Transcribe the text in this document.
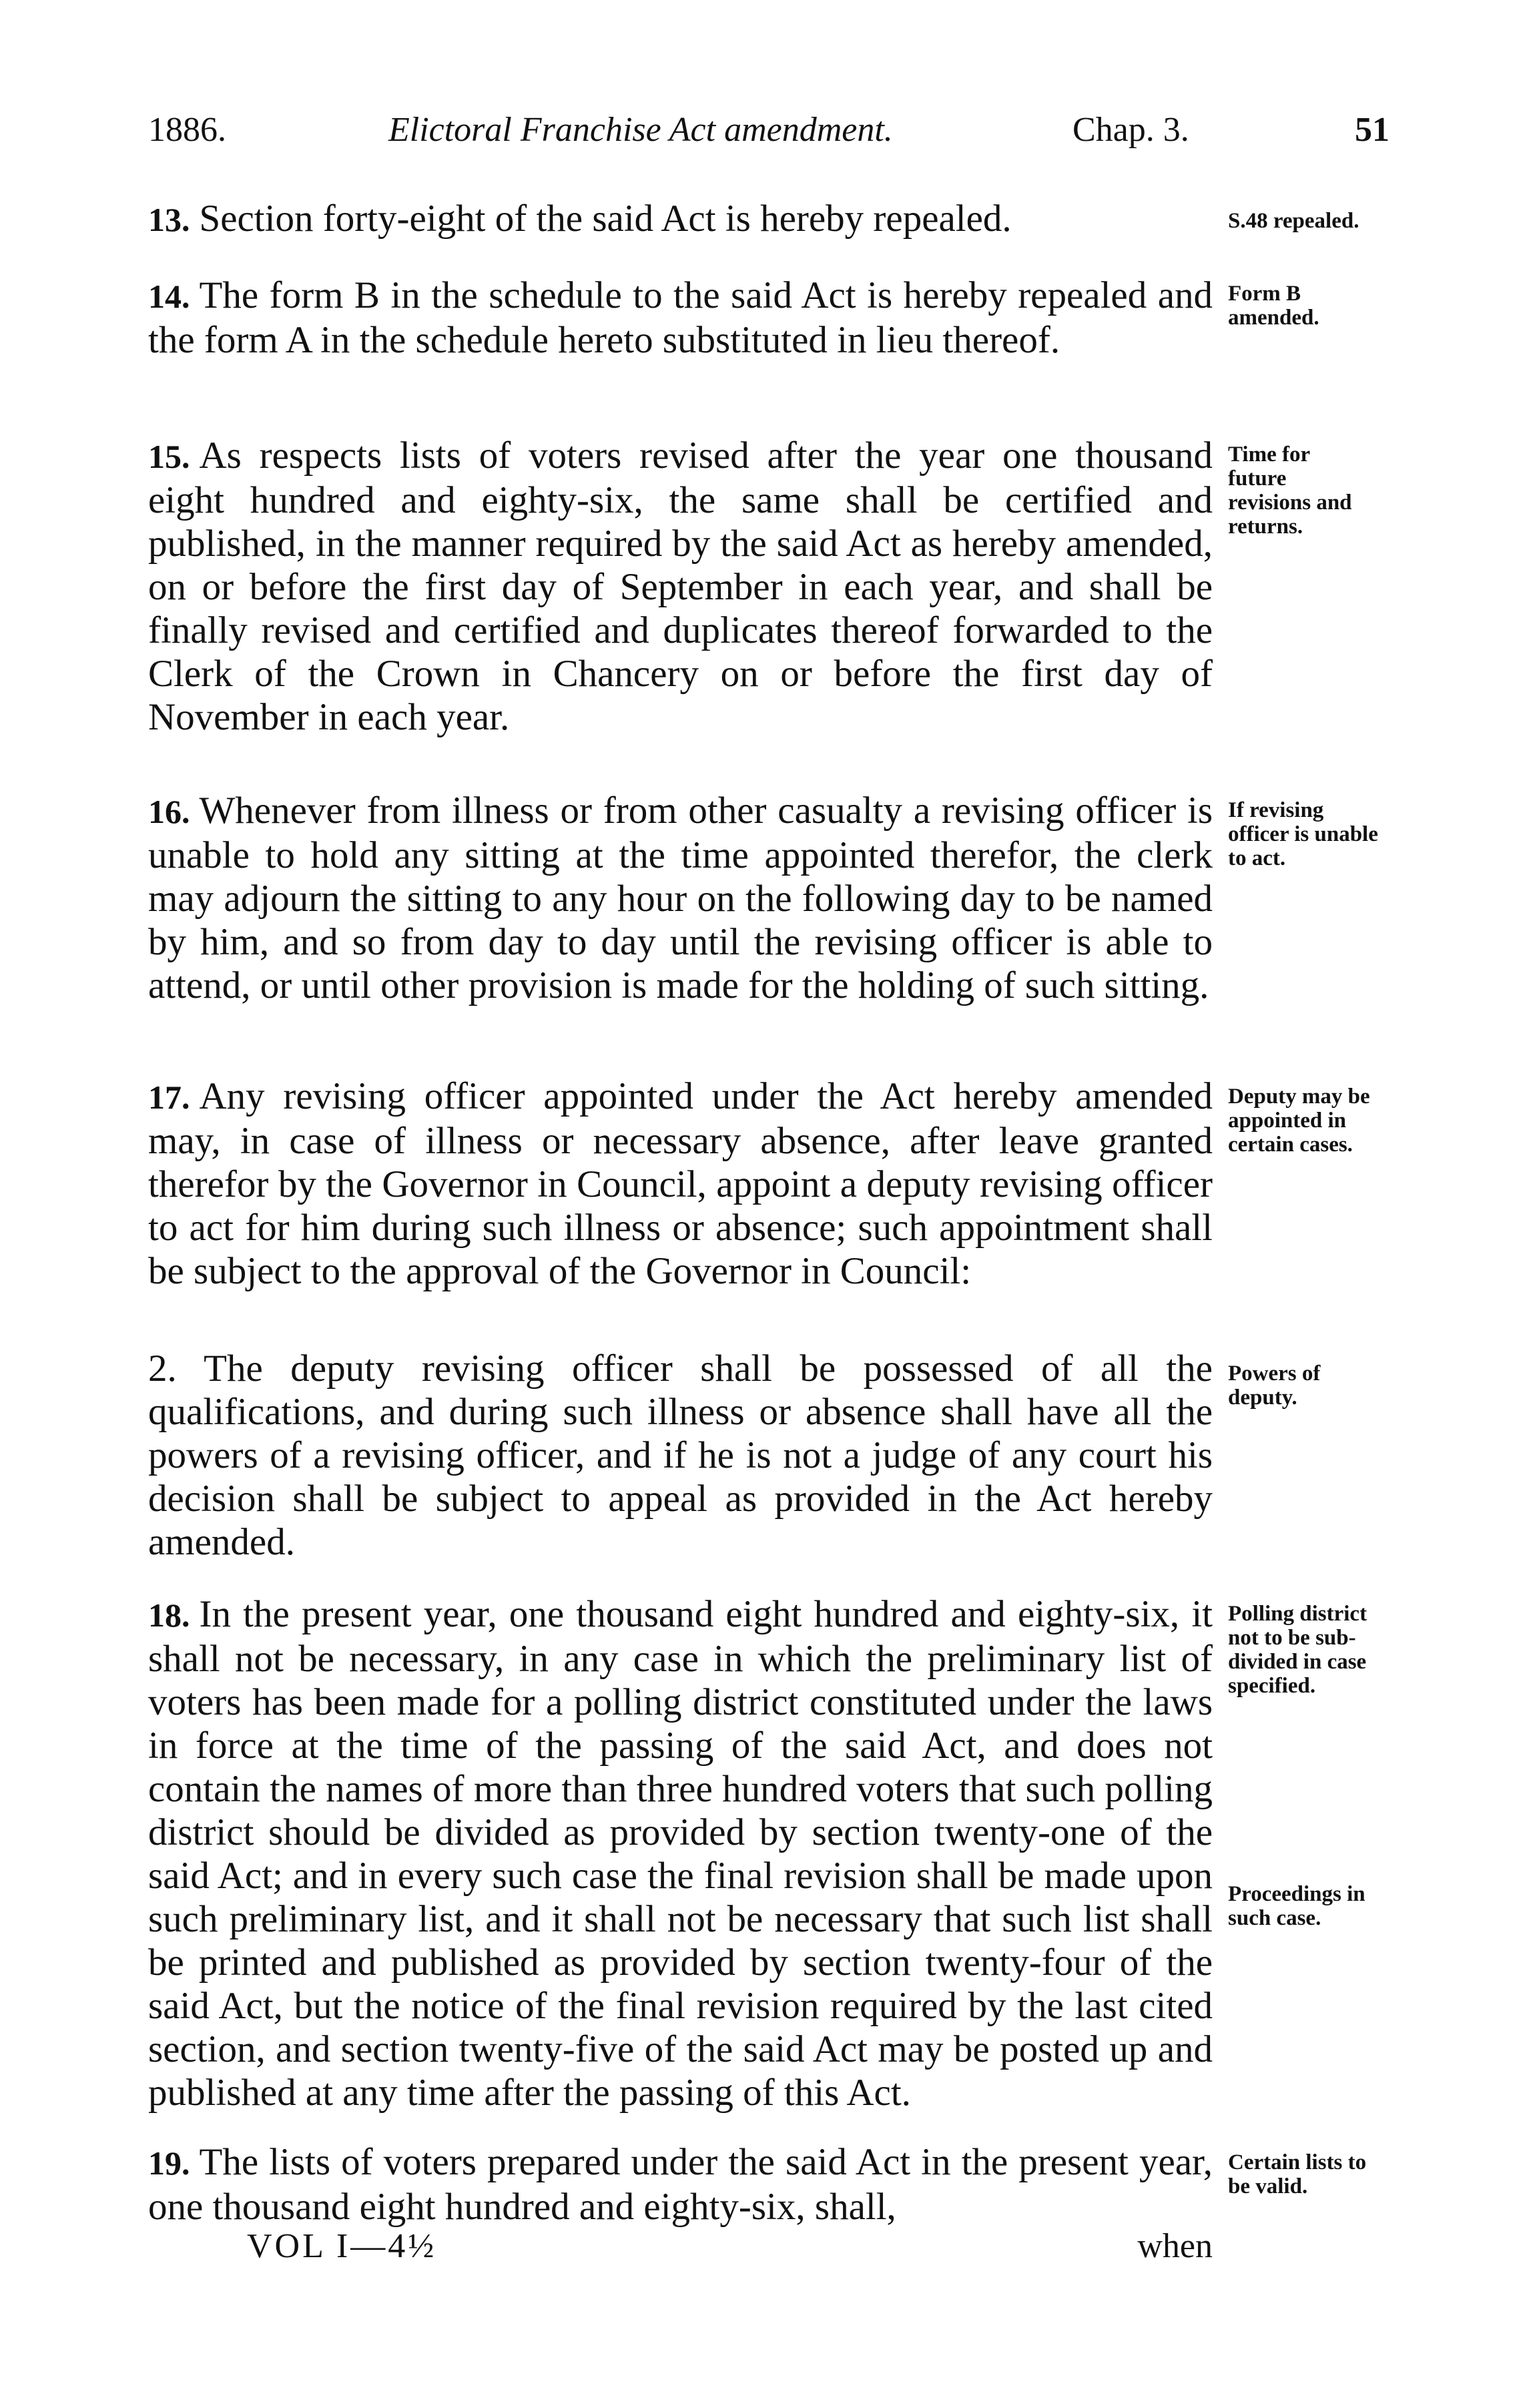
1886.	Elictoral Franchise Act amendment.	Chap. 3.	51

13. Section forty-eight of the said Act is hereby repealed.	S.48 repealed.

14. The form B in the schedule to the said Act is hereby repealed and the form A in the schedule hereto substituted in lieu thereof.

Form B amended.

15. As respects lists of voters revised after the year one thousand eight hundred and eighty-six, the same shall be certified and published, in the manner required by the said Act as hereby amended, on or before the first day of September in each year, and shall be finally revised and certified and duplicates thereof forwarded to the Clerk of the Crown in Chancery on or before the first day of November in each year.

Time for future revisions and returns.

16. Whenever from illness or from other casualty a revising officer is unable to hold any sitting at the time appointed therefor, the clerk may adjourn the sitting to any hour on the following day to be named by him, and so from day to day until the revising officer is able to attend, or until other provision is made for the holding of such sitting.

If revising officer is unable to act.

17. Any revising officer appointed under the Act hereby amended may, in case of illness or necessary absence, after leave granted therefor by the Governor in Council, appoint a deputy revising officer to act for him during such illness or absence; such appointment shall be subject to the approval of the Governor in Council:

Deputy may be appointed in certain cases.

2. The deputy revising officer shall be possessed of all the qualifications, and during such illness or absence shall have all the powers of a revising officer, and if he is not a judge of any court his decision shall be subject to appeal as provided in the Act hereby amended.

Powers of deputy.

18. In the present year, one thousand eight hundred and eighty-six, it shall not be necessary, in any case in which the preliminary list of voters has been made for a polling district constituted under the laws in force at the time of the passing of the said Act, and does not contain the names of more than three hundred voters that such polling district should be divided as provided by section twenty-one of the said Act; and in every such case the final revision shall be made upon such preliminary list, and it shall not be necessary that such list shall be printed and published as provided by section twenty-four of the said Act, but the notice of the final revision required by the last cited section, and section twenty-five of the said Act may be posted up and published at any time after the passing of this Act.

Polling district not to be sub-divided in case specified.
Proceedings in such case.

19. The lists of voters prepared under the said Act in the present year, one thousand eight hundred and eighty-six, shall,

Certain lists to be valid.
VOL I—4½	when
